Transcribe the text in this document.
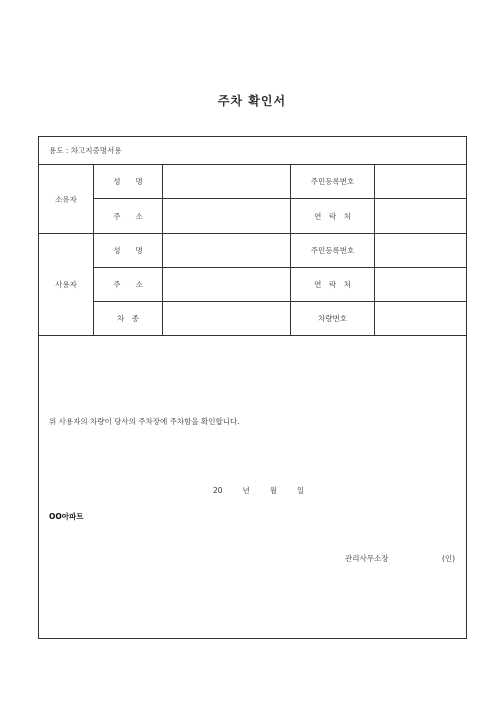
주차 확인서
용도 : 차고지증명서용
소유자
성　　명	주민등록번호
주　　소	연　락　처
사용자
성　　명	주민등록번호
주　　소	연　락　처
차　종	차량번호
위 사용자의 차량이 당사의 주차장에 주차함을 확인합니다.
20	년	월	일
OO아파트
관리사무소장	(인)
